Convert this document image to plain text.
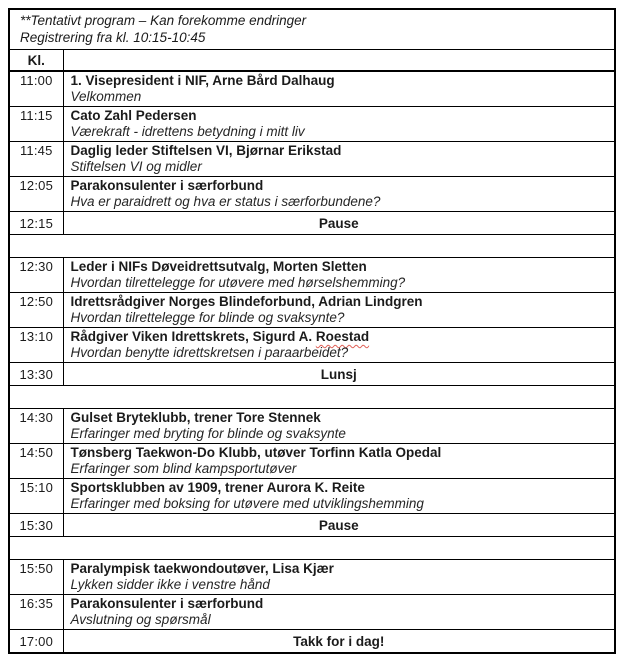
**Tentativt program – Kan forekomme endringer
Registrering fra kl. 10:15-10:45	

Kl.	
11:00	1. Visepresident i NIF, Arne Bård Dalhaug
Velkommen

11:15	Cato Zahl Pedersen
Værekraft - idrettens betydning i mitt liv

11:45	Daglig leder Stiftelsen VI, Bjørnar Erikstad
Stiftelsen VI og midler

12:05	Parakonsulenter i særforbund
Hva er paraidrett og hva er status i særforbundene?

12:15	Pause

12:30	Leder i NIFs Døveidrettsutvalg, Morten Sletten
Hvordan tilrettelegge for utøvere med hørselshemming?

12:50	Idrettsrådgiver Norges Blindeforbund, Adrian Lindgren
Hvordan tilrettelegge for blinde og svaksynte?

13:10	Rådgiver Viken Idrettskrets, Sigurd A. Roestad
Hvordan benytte idrettskretsen i paraarbeidet?

13:30	Lunsj

14:30	Gulset Bryteklubb, trener Tore Stennek
Erfaringer med bryting for blinde og svaksynte

14:50	Tønsberg Taekwon-Do Klubb, utøver Torfinn Katla Opedal
Erfaringer som blind kampsportutøver

15:10	Sportsklubben av 1909, trener Aurora K. Reite
Erfaringer med boksing for utøvere med utviklingshemming

15:30	Pause

15:50	Paralympisk taekwondoutøver, Lisa Kjær
Lykken sidder ikke i venstre hånd

16:35	Parakonsulenter i særforbund
Avslutning og spørsmål

17:00	Takk for i dag!
